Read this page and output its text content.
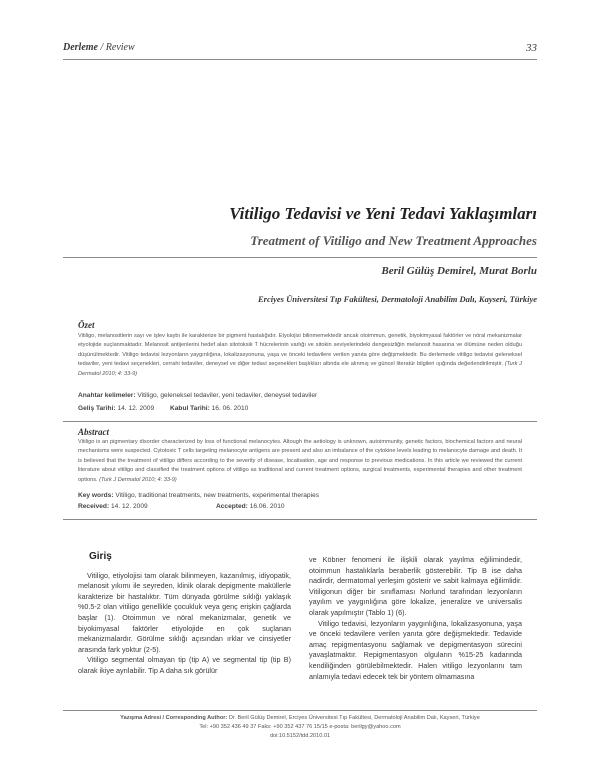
Derleme / Review	33
Vitiligo Tedavisi ve Yeni Tedavi Yaklaşımları
Treatment of Vitiligo and New Treatment Approaches
Beril Gülüş Demirel, Murat Borlu
Erciyes Üniversitesi Tıp Fakültesi, Dermatoloji Anabilim Dalı, Kayseri, Türkiye
Özet

Vitiligo, melanositlerin sayı ve işlev kaybı ile karakterize bir pigment hastalığıdır. Etyolojisi bilinmemektedir ancak otoimmun, genetik, biyokimyasal faktörler ve nöral mekanizmalar etyolojide suçlanmaktadır. Melanosit antijenlerini hedef alan sitotoksik T hücrelerinin varlığı ve sitokin seviyelerindeki dengesizliğin melanosit hasarına ve ölümüne neden olduğu düşünülmektedir. Vitiligo tedavisi lezyonların yaygınlığına, lokalizasyonuna, yaşa ve önceki tedavilere verilen yanıta göre değişmektedir. Bu derlemede vitiligo tedavisi geleneksel tedaviler, yeni tedavi seçenekleri, cerrahi tedaviler, deneysel ve diğer tedavi seçenekleri başlıkları altında ele alınmış ve güncel literatür bilgileri ışığında değerlendirilmiştir. (Turk J Dermatol 2010; 4: 33-9)

Anahtar kelimeler: Vitiligo, geleneksel tedaviler, yeni tedaviler, deneysel tedaviler
Geliş Tarihi: 14. 12. 2009 Kabul Tarihi: 16. 06. 2010
Abstract

Vitiligo is an pigmentary disorder characterized by loss of functional melanocytes. Altough the aetiology is unknown, autoimmunity, genetic factors, biochemical factors and neural mechanisms were suspected. Cytotoxic T cells targeting melanocyte antigens are present and also an imbalance of the cytokine levels leading to melanocyte damage and death. It is believed that the treatment of vitiligo differs according to the severity of disease, localisation, age and response to previous medications. In this article we reviewed the current literature about vitiligo and classified the treatment options of vitiligo as traditional and current treatment options, surgical treatments, experimental therapies and other treatment options. (Turk J Dermatol 2010; 4: 33-9)

Key words: Vitiligo, traditional treatments, new treatments, experimental therapies
Received: 14. 12. 2009	Accepted: 16.06. 2010

Giriş

Vitiligo, etiyolojisi tam olarak bilinmeyen, kazanılmış, idiyopatik, melanosit yıkımı ile seyreden, klinik olarak depigmente maküllerle karakterize bir hastalıktır. Tüm dünyada görülme sıklığı yaklaşık %0.5-2 olan vitiligo genellikle çocukluk veya genç erişkin çağlarda başlar (1). Otoimmun ve nöral mekanizmalar, genetik ve biyokimyasal faktörler etiyolojide en çok suçlanan mekanizmalardır. Görülme sıklığı açısından ırklar ve cinsiyetler arasında fark yoktur (2-5).

Vitiligo segmental olmayan tip (tip A) ve segmental tip (tip B) olarak ikiye ayrılabilir. Tip A daha sık görülür

ve Köbner fenomeni ile ilişkili olarak yayılma eğilimindedir, otoimmun hastalıklarla beraberlik gösterebilir. Tip B ise daha nadirdir, dermatomal yerleşim gösterir ve sabit kalmaya eğilimlidir. Vitiligonun diğer bir sınıflaması Norlund tarafından lezyonların yayılım ve yaygınlığına göre lokalize, jeneralize ve universalis olarak yapılmıştır (Tablo 1) (6).

Vitiligo tedavisi, lezyonların yaygınlığına, lokalizasyonuna, yaşa ve önceki tedavilere verilen yanıta göre değişmektedir. Tedavide amaç repigmentasyonu sağlamak ve depigmentasyon sürecini yavaşlatmaktır. Repigmentasyon olguların %15-25 kadarında kendiliğinden görülebilmektedir. Halen vitiligo lezyonlarını tam anlamıyla tedavi edecek tek bir yöntem olmamasına

Yazışma Adresi / Corresponding Author: Dr. Beril Gülüş Demirel, Erciyes Üniversitesi Tıp Fakültesi, Dermatoloji Anabilim Dalı, Kayseri, Türkiye
Tel: +90 352 436 49 37 Faks: +90 352 437 76 15/15 e-posta: berilgy@yahoo.com
doi:10.5152/tdd.2010.01
